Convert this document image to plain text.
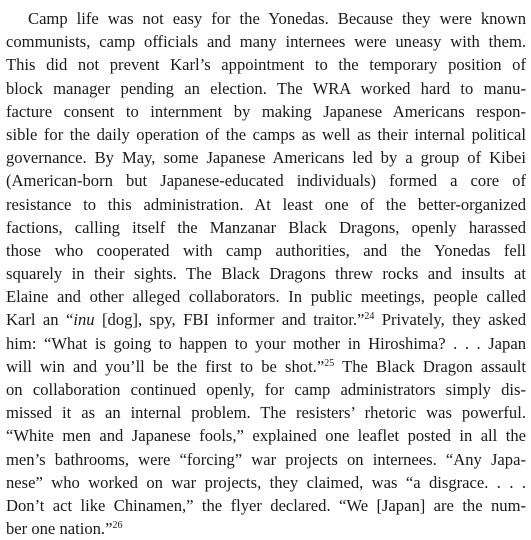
Camp life was not easy for the Yonedas. Because they were known
communists, camp officials and many internees were uneasy with them.
This did not prevent Karl’s appointment to the temporary position of
block manager pending an election. The WRA worked hard to manu-
facture consent to internment by making Japanese Americans respon-
sible for the daily operation of the camps as well as their internal political
governance. By May, some Japanese Americans led by a group of Kibei
(American-born but Japanese-educated individuals) formed a core of
resistance to this administration. At least one of the better-organized
factions, calling itself the Manzanar Black Dragons, openly harassed
those who cooperated with camp authorities, and the Yonedas fell
squarely in their sights. The Black Dragons threw rocks and insults at
Elaine and other alleged collaborators. In public meetings, people called
Karl an “inu [dog], spy, FBI informer and traitor.”$^{24}$ Privately, they asked
him: “What is going to happen to your mother in Hiroshima? . . . Japan
will win and you’ll be the first to be shot.”$^{25}$ The Black Dragon assault
on collaboration continued openly, for camp administrators simply dis-
missed it as an internal problem. The resisters’ rhetoric was powerful.
“White men and Japanese fools,” explained one leaflet posted in all the
men’s bathrooms, were “forcing” war projects on internees. “Any Japa-
nese” who worked on war projects, they claimed, was “a disgrace. . . .
Don’t act like Chinamen,” the flyer declared. “We [Japan] are the num-
ber one nation.”$^{26}$
